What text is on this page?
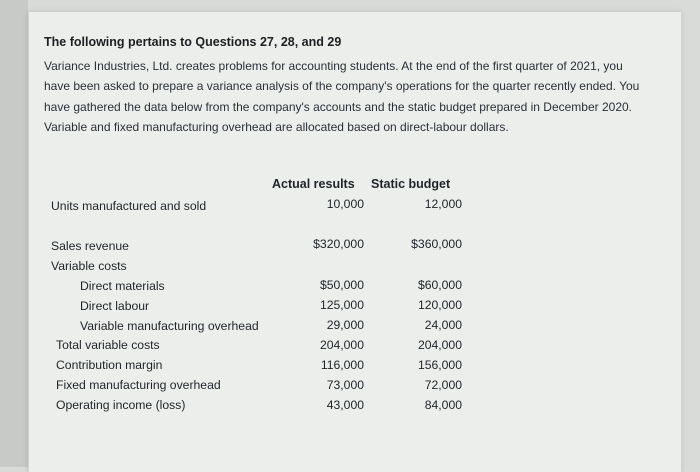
The following pertains to Questions 27, 28, and 29
Variance Industries, Ltd. creates problems for accounting students. At the end of the first quarter of 2021, you have been asked to prepare a variance analysis of the company's operations for the quarter recently ended. You have gathered the data below from the company's accounts and the static budget prepared in December 2020. Variable and fixed manufacturing overhead are allocated based on direct-labour dollars.
Actual results Static budget
Units manufactured and sold	10,000	12,000
Sales revenue	$320,000	$360,000
Variable costs
Direct materials	$50,000	$60,000
Direct labour	125,000	120,000
Variable manufacturing overhead	29,000	24,000
Total variable costs	204,000	204,000
Contribution margin	116,000	156,000
Fixed manufacturing overhead	73,000	72,000
Operating income (loss)	43,000	84,000
